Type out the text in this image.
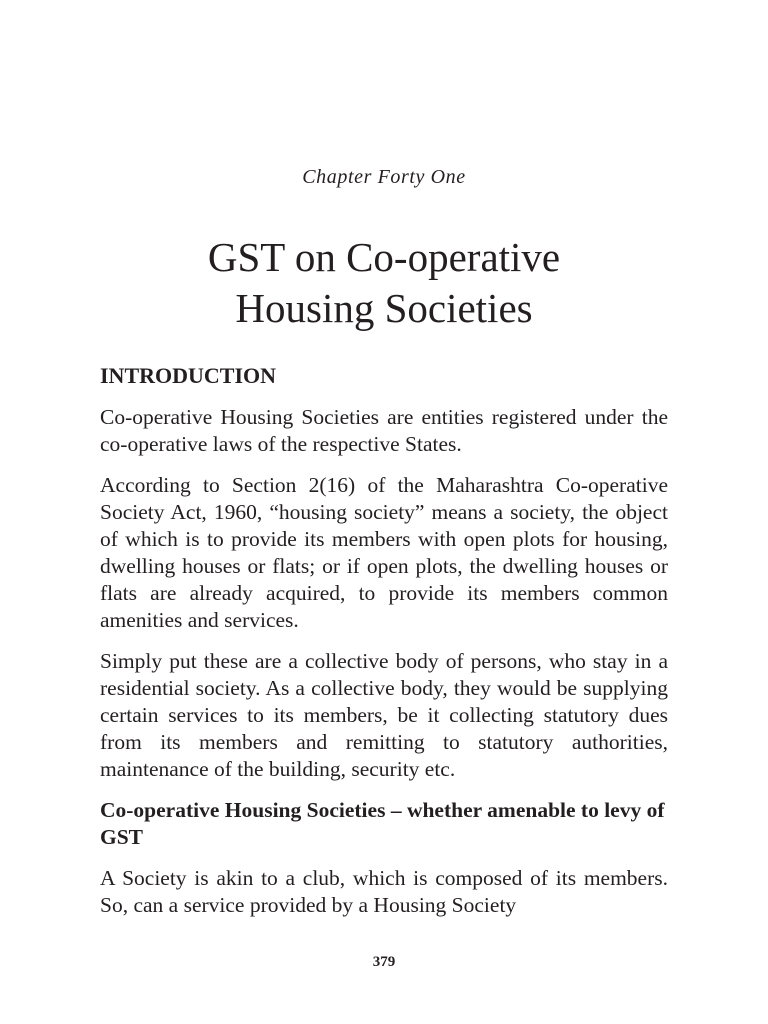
Chapter Forty One
GST on Co-operative
Housing Societies
INTRODUCTION

Co-operative Housing Societies are entities registered under the co-operative laws of the respective States.

According to Section 2(16) of the Maharashtra Co-operative Society Act, 1960, “housing society” means a society, the object of which is to provide its members with open plots for housing, dwelling houses or flats; or if open plots, the dwelling houses or flats are already acquired, to provide its members common amenities and services.

Simply put these are a collective body of persons, who stay in a residential society. As a collective body, they would be supplying certain services to its members, be it collecting statutory dues from its members and remitting to statutory authorities, maintenance of the building, security etc.

Co-operative Housing Societies – whether amenable to levy of GST

A Society is akin to a club, which is composed of its members. So, can a service provided by a Housing Society

379
